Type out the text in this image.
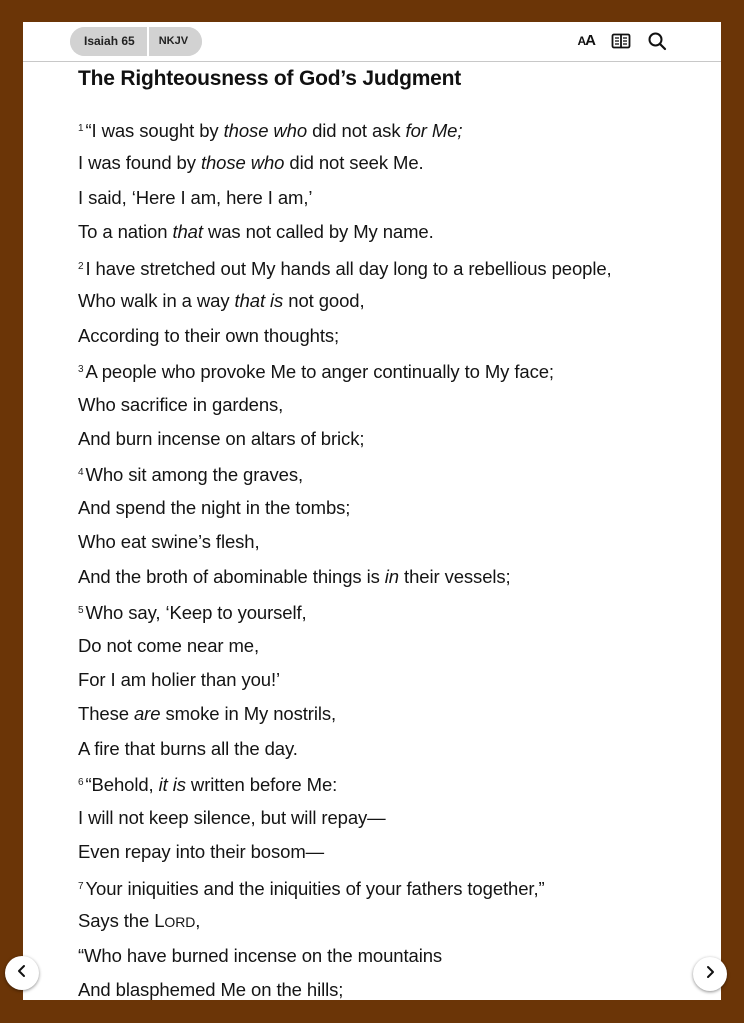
Isaiah 65	NKJV	AA
The Righteousness of God’s Judgment
$^1$ “I was sought by those who did not ask for Me;
I was found by those who did not seek Me.
I said, ‘Here I am, here I am,’
To a nation that was not called by My name.
$^2$ I have stretched out My hands all day long to a rebellious people,
Who walk in a way that is not good,
According to their own thoughts;
$^3$ A people who provoke Me to anger continually to My face;
Who sacrifice in gardens,
And burn incense on altars of brick;
$^4$ Who sit among the graves,
And spend the night in the tombs;
Who eat swine’s flesh,
And the broth of abominable things is in their vessels;
$^5$ Who say, ‘Keep to yourself,
Do not come near me,
For I am holier than you!’
These are smoke in My nostrils,
A fire that burns all the day.
$^6$ “Behold, it is written before Me:
I will not keep silence, but will repay—
Even repay into their bosom—
$^7$ Your iniquities and the iniquities of your fathers together,”
Says the LORD,
“Who have burned incense on the mountains
And blasphemed Me on the hills;
